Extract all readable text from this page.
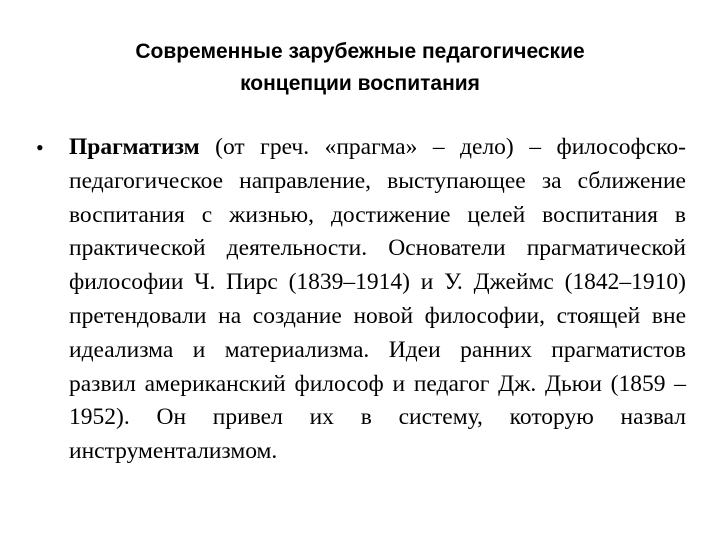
Современные зарубежные педагогические
концепции воспитания
•	Прагматизм (от греч. «прагма» – дело) – философско-педагогическое направление, выступающее за сближение воспитания с жизнью, достижение целей воспитания в практической деятельности. Основатели прагматической философии Ч. Пирс (1839–1914) и У. Джеймс (1842–1910) претендовали на создание новой философии, стоящей вне идеализма и материализма. Идеи ранних прагматистов развил американский философ и педагог Дж. Дьюи (1859 –1952). Он привел их в систему, которую назвал инструментализмом.
